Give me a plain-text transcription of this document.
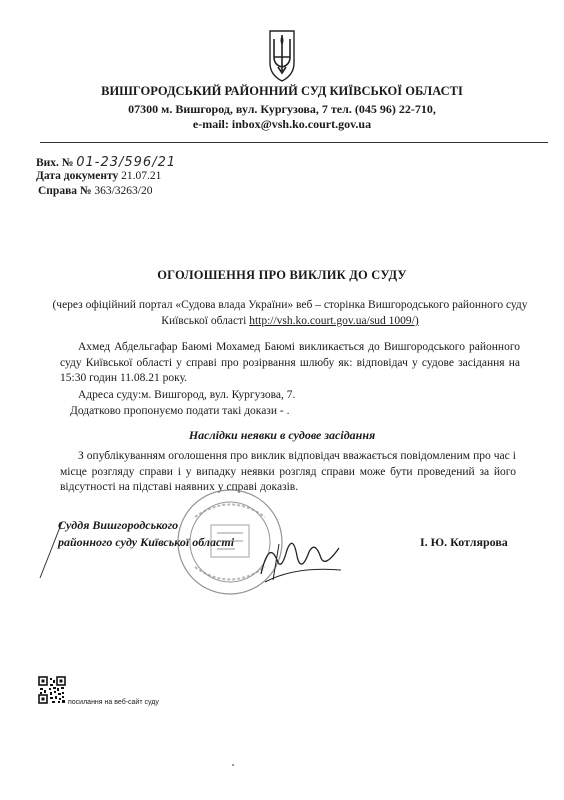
ВИШГОРОДСЬКИЙ РАЙОННИЙ СУД КИЇВСЬКОЇ ОБЛАСТІ
07300 м. Вишгород, вул. Кургузова, 7 тел. (045 96) 22-710,
e-mail: inbox@vsh.ko.court.gov.ua
Вих. № 01-23/596/21
Дата документу 21.07.21
Справа № 363/3263/20
ОГОЛОШЕННЯ ПРО ВИКЛИК ДО СУДУ
(через офіційний портал «Судова влада України» веб – сторінка Вишгородського районного суду
Київської області http://vsh.ko.court.gov.ua/sud 1009/)
Ахмед Абдельгафар Баюмі Мохамед Баюмі викликається до Вишгородського районного суду Київської області у справі про розірвання шлюбу як: відповідач у судове засідання на 15:30 годин 11.08.21 року.
Адреса суду:м. Вишгород, вул. Кургузова, 7.
Додатково пропонуємо подати такі докази - .
Наслідки неявки в судове засідання
З опублікуванням оголошення про виклик відповідач вважається повідомленим про час і місце розгляду справи і у випадку неявки розгляд справи може бути проведений за його відсутності на підставі наявних у справі доказів.
Суддя Вишгородського
районного суду Київської області	І. Ю. Котлярова
посилання на веб-сайт суду
